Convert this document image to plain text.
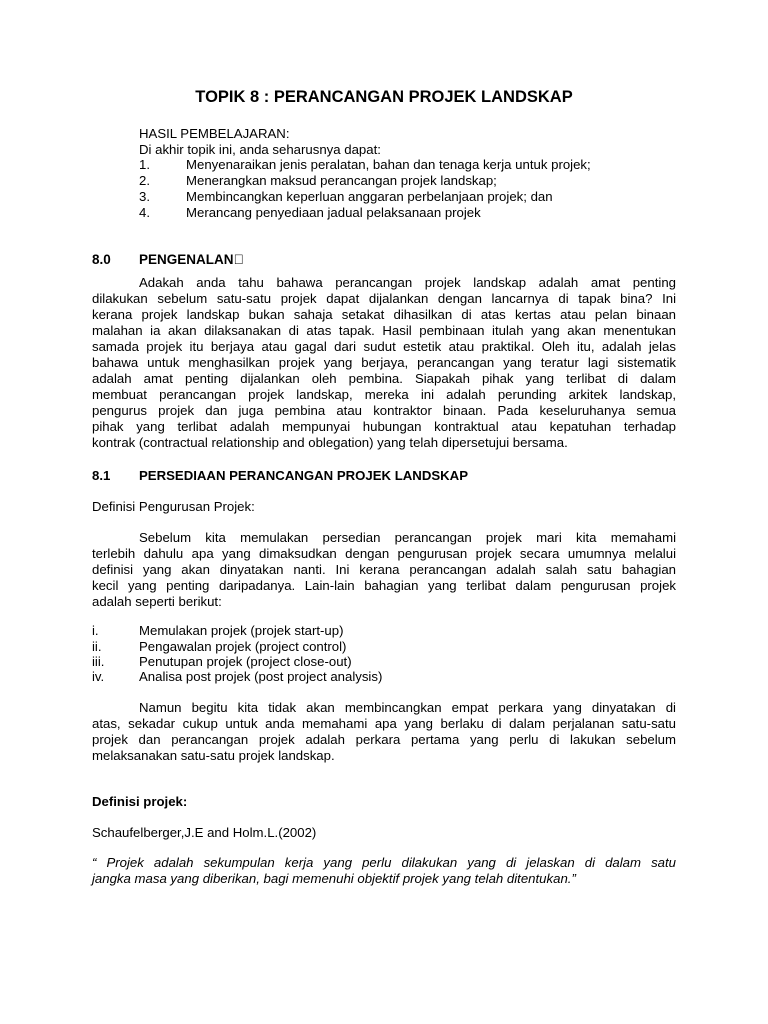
TOPIK 8 : PERANCANGAN PROJEK LANDSKAP
HASIL PEMBELAJARAN:
Di akhir topik ini, anda seharusnya dapat:
1.	Menyenaraikan jenis peralatan, bahan dan tenaga kerja untuk projek;
2.	Menerangkan maksud perancangan projek landskap;
3.	Membincangkan keperluan anggaran perbelanjaan projek; dan
4.	Merancang penyediaan jadual pelaksanaan projek
8.0 PENGENALAN 
Adakah anda tahu bahawa perancangan projek landskap adalah amat penting
dilakukan sebelum satu-satu projek dapat dijalankan dengan lancarnya di tapak bina? Ini
kerana projek landskap bukan sahaja setakat dihasilkan di atas kertas atau pelan binaan
malahan ia akan dilaksanakan di atas tapak. Hasil pembinaan itulah yang akan menentukan
samada projek itu berjaya atau gagal dari sudut estetik atau praktikal. Oleh itu, adalah jelas
bahawa untuk menghasilkan projek yang berjaya, perancangan yang teratur lagi sistematik
adalah amat penting dijalankan oleh pembina. Siapakah pihak yang terlibat di dalam
membuat perancangan projek landskap, mereka ini adalah perunding arkitek landskap,
pengurus projek dan juga pembina atau kontraktor binaan. Pada keseluruhanya semua
pihak yang terlibat adalah mempunyai hubungan kontraktual atau kepatuhan terhadap
kontrak (contractual relationship and oblegation) yang telah dipersetujui bersama.
8.1 PERSEDIAAN PERANCANGAN PROJEK LANDSKAP
Definisi Pengurusan Projek:
Sebelum kita memulakan persedian perancangan projek mari kita memahami
terlebih dahulu apa yang dimaksudkan dengan pengurusan projek secara umumnya melalui
definisi yang akan dinyatakan nanti. Ini kerana perancangan adalah salah satu bahagian
kecil yang penting daripadanya. Lain-lain bahagian yang terlibat dalam pengurusan projek
adalah seperti berikut:
i.	Memulakan projek (projek start-up)
ii.	Pengawalan projek (project control)
iii.	Penutupan projek (project close-out)
iv.	Analisa post projek (post project analysis)
Namun begitu kita tidak akan membincangkan empat perkara yang dinyatakan di
atas, sekadar cukup untuk anda memahami apa yang berlaku di dalam perjalanan satu-satu
projek dan perancangan projek adalah perkara pertama yang perlu di lakukan sebelum
melaksanakan satu-satu projek landskap.
Definisi projek:
Schaufelberger,J.E and Holm.L.(2002)
“ Projek adalah sekumpulan kerja yang perlu dilakukan yang di jelaskan di dalam satu
jangka masa yang diberikan, bagi memenuhi objektif projek yang telah ditentukan.”
